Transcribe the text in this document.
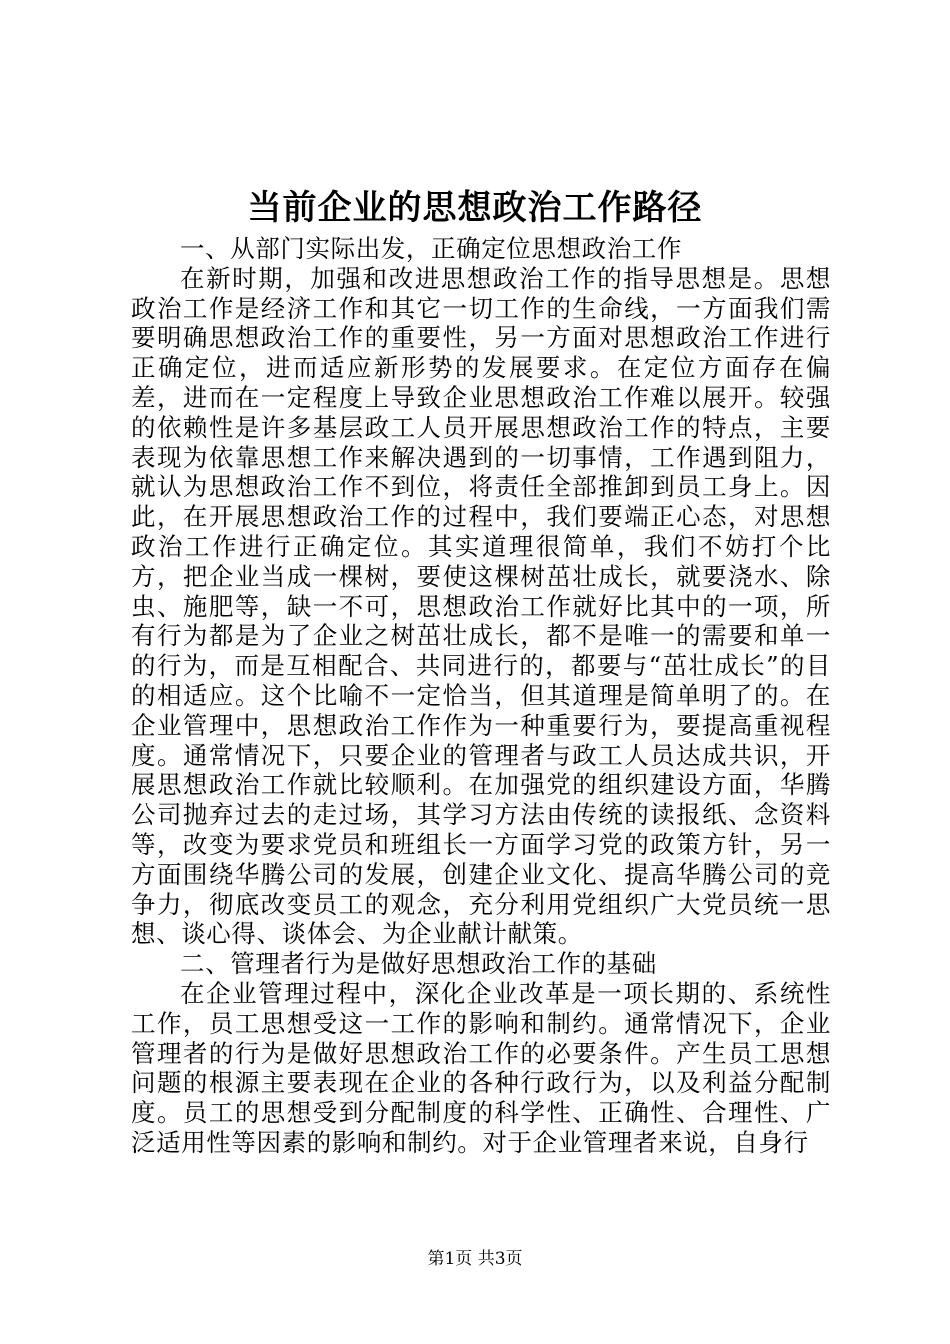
当前企业的思想政治工作路径

一、从部门实际出发，正确定位思想政治工作

在新时期，加强和改进思想政治工作的指导思想是。思想政治工作是经济工作和其它一切工作的生命线，一方面我们需要明确思想政治工作的重要性，另一方面对思想政治工作进行正确定位，进而适应新形势的发展要求。在定位方面存在偏差，进而在一定程度上导致企业思想政治工作难以展开。较强的依赖性是许多基层政工人员开展思想政治工作的特点，主要表现为依靠思想工作来解决遇到的一切事情，工作遇到阻力，就认为思想政治工作不到位，将责任全部推卸到员工身上。因此，在开展思想政治工作的过程中，我们要端正心态，对思想政治工作进行正确定位。其实道理很简单，我们不妨打个比方，把企业当成一棵树，要使这棵树茁壮成长，就要浇水、除虫、施肥等，缺一不可，思想政治工作就好比其中的一项，所有行为都是为了企业之树茁壮成长，都不是唯一的需要和单一的行为，而是互相配合、共同进行的，都要与“茁壮成长”的目的相适应。这个比喻不一定恰当，但其道理是简单明了的。在企业管理中，思想政治工作作为一种重要行为，要提高重视程度。通常情况下，只要企业的管理者与政工人员达成共识，开展思想政治工作就比较顺利。在加强党的组织建设方面，华腾公司抛弃过去的走过场，其学习方法由传统的读报纸、念资料等，改变为要求党员和班组长一方面学习党的政策方针，另一方面围绕华腾公司的发展，创建企业文化、提高华腾公司的竞争力，彻底改变员工的观念，充分利用党组织广大党员统一思想、谈心得、谈体会、为企业献计献策。

二、管理者行为是做好思想政治工作的基础

在企业管理过程中，深化企业改革是一项长期的、系统性工作，员工思想受这一工作的影响和制约。通常情况下，企业管理者的行为是做好思想政治工作的必要条件。产生员工思想问题的根源主要表现在企业的各种行政行为，以及利益分配制度。员工的思想受到分配制度的科学性、正确性、合理性、广泛适用性等因素的影响和制约。对于企业管理者来说，自身行

第1页 共3页
